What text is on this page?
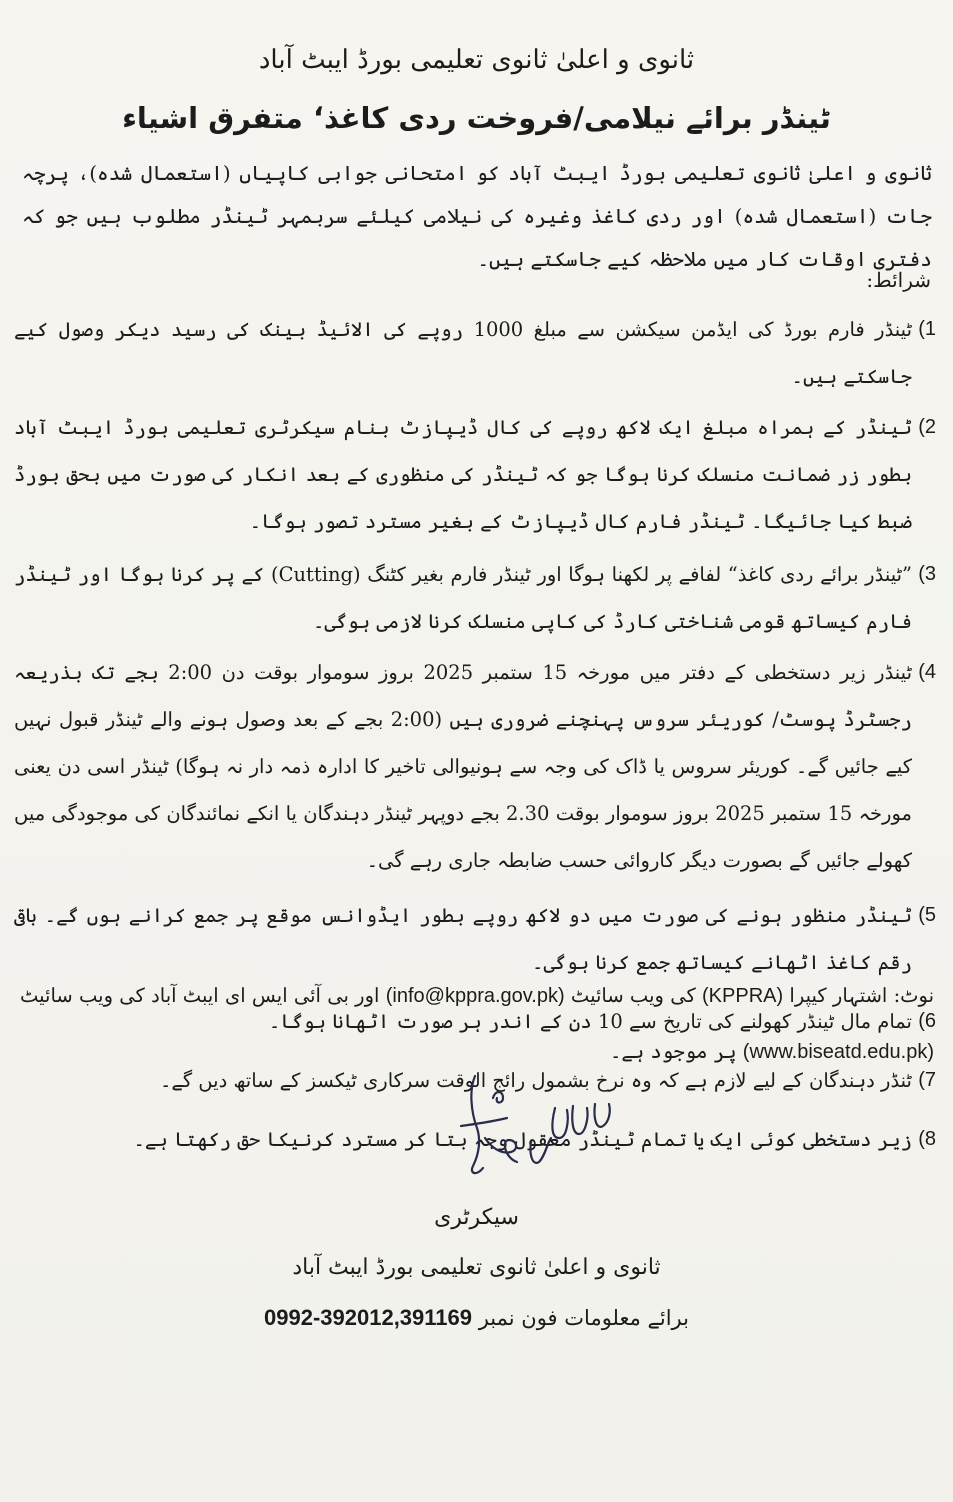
ثانوی و اعلیٰ ثانوی تعلیمی بورڈ ایبٹ آباد
ٹینڈر برائے نیلامی/فروخت ردی کاغذ‘ متفرق اشیاء
ثانوی و اعلیٰ ثانوی تعلیمی بورڈ ایبٹ آباد کو امتحانی جوابی کاپیاں (استعمال شدہ)، پرچہ جات (استعمال شدہ) اور ردی کاغذ وغیرہ کی نیلامی کیلئے سربمہر ٹینڈر مطلوب ہیں جو کہ دفتری اوقات کار میں ملاحظہ کیے جاسکتے ہیں۔
شرائط:
(1
ٹینڈر فارم بورڈ کی ایڈمن سیکشن سے مبلغ 1000 روپے کی الائیڈ بینک کی رسید دیکر وصول کیے جاسکتے ہیں۔
(2
ٹینڈر کے ہمراہ مبلغ ایک لاکھ روپے کی کال ڈیپازٹ بنام سیکرٹری تعلیمی بورڈ ایبٹ آباد بطور زر ضمانت منسلک کرنا ہوگا جو کہ ٹینڈر کی منظوری کے بعد انکار کی صورت میں بحق بورڈ ضبط کیا جائیگا۔ ٹینڈر فارم کال ڈیپازٹ کے بغیر مسترد تصور ہوگا۔
(3
”ٹینڈر برائے ردی کاغذ“ لفافے پر لکھنا ہوگا اور ٹینڈر فارم بغیر کٹنگ (Cutting) کے پر کرنا ہوگا اور ٹینڈر فارم کیساتھ قومی شناختی کارڈ کی کاپی منسلک کرنا لازمی ہوگی۔
(4
ٹینڈر زیر دستخطی کے دفتر میں مورخہ 15 ستمبر 2025 بروز سوموار بوقت دن 2:00 بجے تک بذریعہ رجسٹرڈ پوسٹ/ کوریئر سروس پہنچنے ضروری ہیں (2:00 بجے کے بعد وصول ہونے والے ٹینڈر قبول نہیں کیے جائیں گے۔ کوریئر سروس یا ڈاک کی وجہ سے ہونیوالی تاخیر کا ادارہ ذمہ دار نہ ہوگا) ٹینڈر اسی دن یعنی مورخہ 15 ستمبر 2025 بروز سوموار بوقت 2.30 بجے دوپہر ٹینڈر دہندگان یا انکے نمائندگان کی موجودگی میں کھولے جائیں گے بصورت دیگر کاروائی حسب ضابطہ جاری رہے گی۔
(5
ٹینڈر منظور ہونے کی صورت میں دو لاکھ روپے بطور ایڈوانس موقع پر جمع کرانے ہوں گے۔ باقی رقم کاغذ اٹھانے کیساتھ جمع کرنا ہوگی۔
(6
تمام مال ٹینڈر کھولنے کی تاریخ سے 10 دن کے اندر ہر صورت اٹھانا ہوگا۔
(7
ٹنڈر دہندگان کے لیے لازم ہے کہ وہ نرخ بشمول رائج الوقت سرکاری ٹیکسز کے ساتھ دیں گے۔
(8
زیر دستخطی کوئی ایک یا تمام ٹینڈر معقول وجہ بتا کر مسترد کرنیکا حق رکھتا ہے۔
نوٹ: اشتہار کیپرا (KPPRA) کی ویب سائیٹ (info@kppra.gov.pk) اور بی آئی ایس ای ایبٹ آباد کی ویب سائیٹ (www.biseatd.edu.pk) پر موجود ہے۔
سیکرٹری
ثانوی و اعلیٰ ثانوی تعلیمی بورڈ ایبٹ آباد
برائے معلومات فون نمبر 0992-392012,391169
